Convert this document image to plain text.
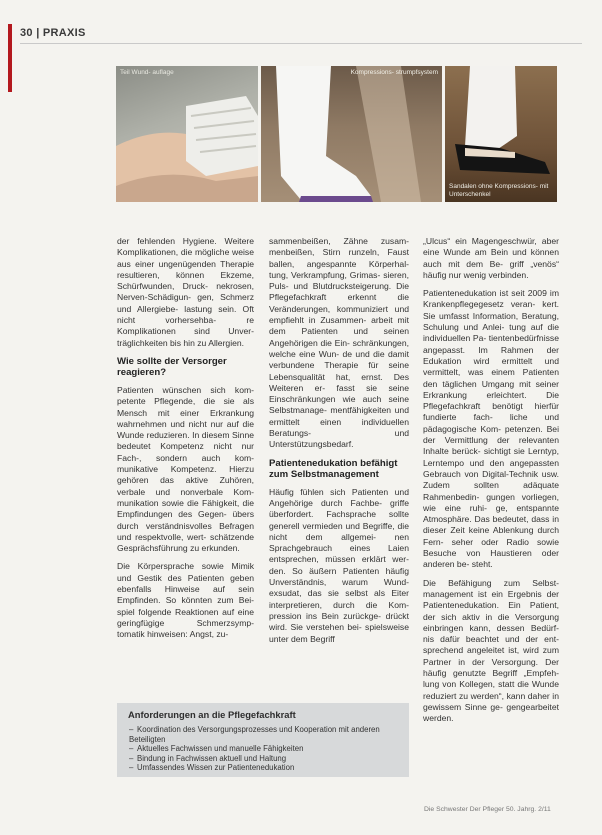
30 | PRAXIS
Teil Wund- auflage	Kompressions- strumpfsystem
Sandalen ohne Kompressions- mit Unterschenkel

der fehlenden Hygiene. Weitere Komplikationen, die mögliche weise aus einer ungenügenden Therapie resultieren, können Ekzeme, Schürfwunden, Druck- nekrosen, Nerven-Schädigun- gen, Schmerz und Allergiebe- lastung sein. Oft nicht vorhersehba- re Komplikationen sind Unver- träglichkeiten bis hin zu Allergien.

Wie sollte der Versorger reagieren?

Patienten wünschen sich kom- petente Pflegende, die sie als Mensch mit einer Erkrankung wahrnehmen und nicht nur auf die Wunde reduzieren. In diesem Sinne bedeutet Kompetenz nicht nur Fach-, sondern auch kom- munikative Kompetenz. Hierzu gehören das aktive Zuhören, verbale und nonverbale Kom- munikation sowie die Fähigkeit, die Empfindungen des Gegen- übers durch verständnisvolles Befragen und respektvolle, wert- schätzende Gesprächsführung zu erkunden.

Die Körpersprache sowie Mimik und Gestik des Patienten geben ebenfalls Hinweise auf sein Empfinden. So könnten zum Bei- spiel folgende Reaktionen auf eine geringfügige Schmerzsymp- tomatik hinweisen: Angst, zu-

sammenbeißen, Zähne zusam- menbeißen, Stirn runzeln, Faust ballen, angespannte Körperhal- tung, Verkrampfung, Grimas- sieren, Puls- und Blutdrucksteigerung. Die Pflegefachkraft erkennt die Veränderungen, kommuniziert und empfiehlt in Zusammen- arbeit mit dem Patienten und seinen Angehörigen die Ein- schränkungen, welche eine Wun- de und die damit verbundene Therapie für seine Lebensqualität hat, ernst. Des Weiteren er- fasst sie seine Einschränkungen wie auch seine Selbstmanage- mentfähigkeiten und ermittelt einen individuellen Beratungs- und Unterstützungsbedarf.

Patientenedukation befähigt zum Selbstmanagement

Häufig fühlen sich Patienten und Angehörige durch Fachbe- griffe überfordert. Fachsprache sollte generell vermieden und Begriffe, die nicht dem allgemei- nen Sprachgebrauch eines Laien entsprechen, müssen erklärt wer- den. So äußern Patienten häufig Unverständnis, warum Wund- exsudat, das sie selbst als Eiter interpretieren, durch die Kom- pression ins Bein zurückge- drückt wird. Sie verstehen bei- spielsweise unter dem Begriff

„Ulcus“ ein Magengeschwür, aber eine Wunde am Bein und können auch mit dem Be- griff „venös“ häufig nur wenig verbinden.

Patientenedukation ist seit 2009 im Krankenpflegegesetz veran- kert. Sie umfasst Information, Beratung, Schulung und Anlei- tung auf die individuellen Pa- tientenbedürfnisse angepasst. Im Rahmen der Edukation wird ermittelt und vermittelt, was einem Patienten den täglichen Umgang mit seiner Erkrankung erleichtert. Die Pflegefachkraft benötigt hierfür fundierte fach- liche und pädagogische Kom- petenzen. Bei der Vermittlung der relevanten Inhalte berück- sichtigt sie Lerntyp, Lerntempo und den angepassten Gebrauch von Digital-Technik usw. Zudem sollten adäquate Rahmenbedin- gungen vorliegen, wie eine ruhi- ge, entspannte Atmosphäre. Das bedeutet, dass in dieser Zeit keine Ablenkung durch Fern- seher oder Radio sowie Besuche von Haustieren oder anderen be- steht.

Die Befähigung zum Selbst- management ist ein Ergebnis der Patientenedukation. Ein Patient, der sich aktiv in die Versorgung einbringen kann, dessen Bedürf- nis dafür beachtet und der ent- sprechend angeleitet ist, wird zum Partner in der Versorgung. Der häufig genutzte Begriff „Empfeh- lung von Kollegen, statt die Wunde reduziert zu werden“, kann daher in gewissem Sinne ge- gengearbeitet werden.

Anforderungen an die Pflegefachkraft
– Koordination des Versorgungsprozesses und Kooperation mit anderen Beteiligten
– Aktuelles Fachwissen und manuelle Fähigkeiten
– Bindung in Fachwissen aktuell und Haltung
– Umfassendes Wissen zur Patientenedukation
Die Schwester Der Pfleger 50. Jahrg. 2/11
